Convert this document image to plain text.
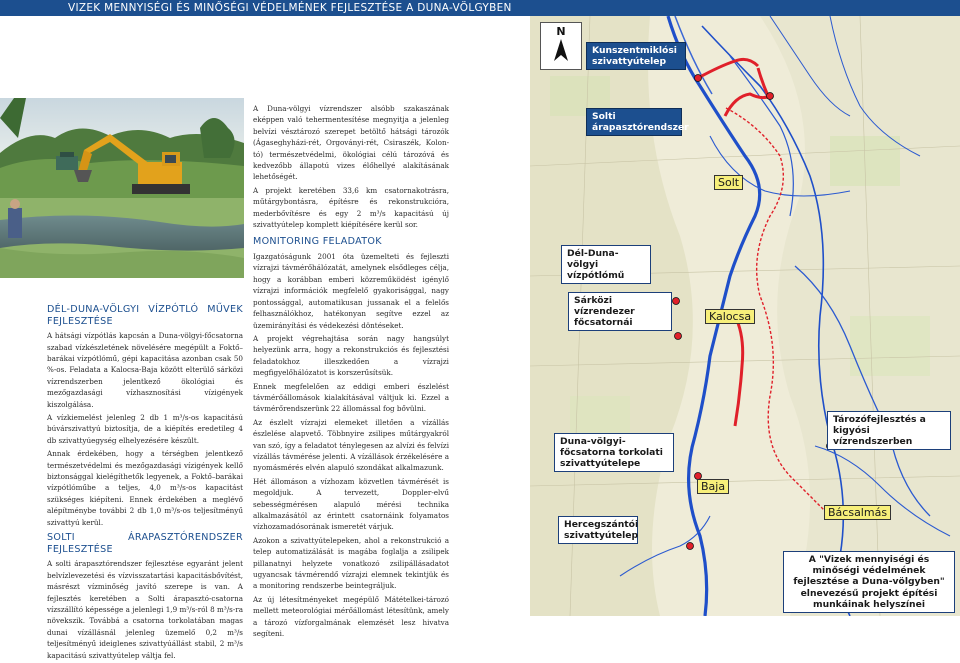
VIZEK MENNYISÉGI ÉS MINŐSÉGI VÉDELMÉNEK FEJLESZTÉSE A DUNA-VÖLGYBEN
DÉL-DUNA-VÖLGYI VÍZPÓTLÓ MŰVEK FEJLESZTÉSE

A hátsági vízpótlás kapcsán a Duna-völgyi-főcsatorna szabad vízkészletének növelésére megépült a Foktő–barákai vízpótlómű, gépi kapacitása azonban csak 50 %-os. Feladata a Kalocsa-Baja között elterülő sárközi vízrendszerben jelentkező ökológiai és mezőgazdasági vízhasznosítási vízigények kiszolgálása.

A vízkiemelést jelenleg 2 db 1 m³/s-os kapacitású búvárszivattyú biztosítja, de a kiépítés eredetileg 4 db szivattyúegység elhelyezésére készült.

Annak érdekében, hogy a térségben jelentkező természetvédelmi és mezőgazdasági vízigények kellő biztonsággal kielégíthetők legyenek, a Foktő–barákai vízpótlóműbe a teljes, 4,0 m³/s-os kapacitást szükséges kiépíteni. Ennek érdekében a meglévő alépítménybe további 2 db 1,0 m³/s-os teljesítményű szivattyú kerül.

SOLTI ÁRAPASZTÓRENDSZER FEJLESZTÉSE

A solti árapasztórendszer fejlesztése egyaránt jelent belvízlevezetési és vízvisszatartási kapacitásbővítést, másrészt vízminőség javító szerepe is van. A fejlesztés keretében a Solti árapasztó-csatorna vízszállító képessége a jelenlegi 1,9 m³/s-ról 8 m³/s-ra növekszik. Továbbá a csatorna torkolatában magas dunai vízállásnál jelenleg üzemelő 0,2 m³/s teljesítményű ideiglenes szivattyúállást stabil, 2 m³/s kapacitású szivattyútelep váltja fel.

A Duna-völgyi vízrendszer alsóbb szakaszának eképpen való tehermentesítése megnyitja a jelenleg belvízi vésztározó szerepet betöltő hátsági tározók (Ágaseghyházi-rét, Orgoványi-rét, Csiraszék, Kolon-tó) természetvédelmi, ökológiai célú tározóvá és kedvezőbb állapotú vizes élőhellyé alakításának lehetőségét.

A projekt keretében 33,6 km csatornakotrásra, műtárgybontásra, építésre és rekonstrukcióra, mederbővítésre és egy 2 m³/s kapacitású új szivattyútelep komplett kiépítésére kerül sor.

MONITORING FELADATOK

Igazgatóságunk 2001 óta üzemelteti és fejleszti vízrajzi távmérőhálózatát, amelynek elsődleges célja, hogy a korábban emberi közreműködést igénylő vízrajzi információk megfelelő gyakorisággal, nagy pontossággal, automatikusan jussanak el a felelős felhasználókhoz, hatékonyan segítve ezzel az üzemirányítási és védekezési döntéseket.

A projekt végrehajtása során nagy hangsúlyt helyezünk arra, hogy a rekonstrukciós és fejlesztési feladatokhoz illeszkedően a vízrajzi megfigyelőhálózatot is korszerűsítsük.

Ennek megfelelően az eddigi emberi észlelést távmérőállomások kialakításával váltjuk ki. Ezzel a távmérőrendszerünk 22 állomással fog bővülni.

Az észlelt vízrajzi elemeket illetően a vízállás észlelése alapvető. Többnyire zsilipes műtárgyakról van szó, így a feladatot ténylegesen az alvízi és felvízi vízállás távmérése jelenti. A vízállások érzékelésére a nyomásmérés elvén alapuló szondákat alkalmazunk.

Hét állomáson a vízhozam közvetlen távmérését is megoldjuk. A tervezett, Doppler-elvű sebességmérésen alapuló mérési technika alkalmazásától az érintett csatornáink folyamatos vízhozamadósorának ismeretét várjuk.

Azokon a szivattyútelepeken, ahol a rekonstrukció a telep automatizálását is magába foglalja a zsilipek pillanatnyi helyzete vonatkozó zsilipállásadatot ugyancsak távmérendő vízrajzi elemnek tekintjük és a monitoring rendszerbe beintegráljuk.

Az új létesítményeket megépülő Mátételkei-tározó mellett meteorológiai mérőállomást létesítünk, amely a tározó vízforgalmának elemzését lesz hivatva segíteni.

N
Kunszentmiklósi szivattyútelep
Solti árapasztórendszer
Dél-Duna-völgyi vízpótlómű
Sárközi vízrendezer főcsatornái
Tározófejlesztés a kigyósi vízrendszerben
Duna-völgyi-főcsatorna torkolati szivattyútelepe
Hercegszántói szivattyútelep
Solt
Kalocsa
Baja
Bácsalmás
A "Vizek mennyiségi és minőségi védelmének fejlesztése a Duna-völgyben" elnevezésű projekt építési munkáinak helyszínei
